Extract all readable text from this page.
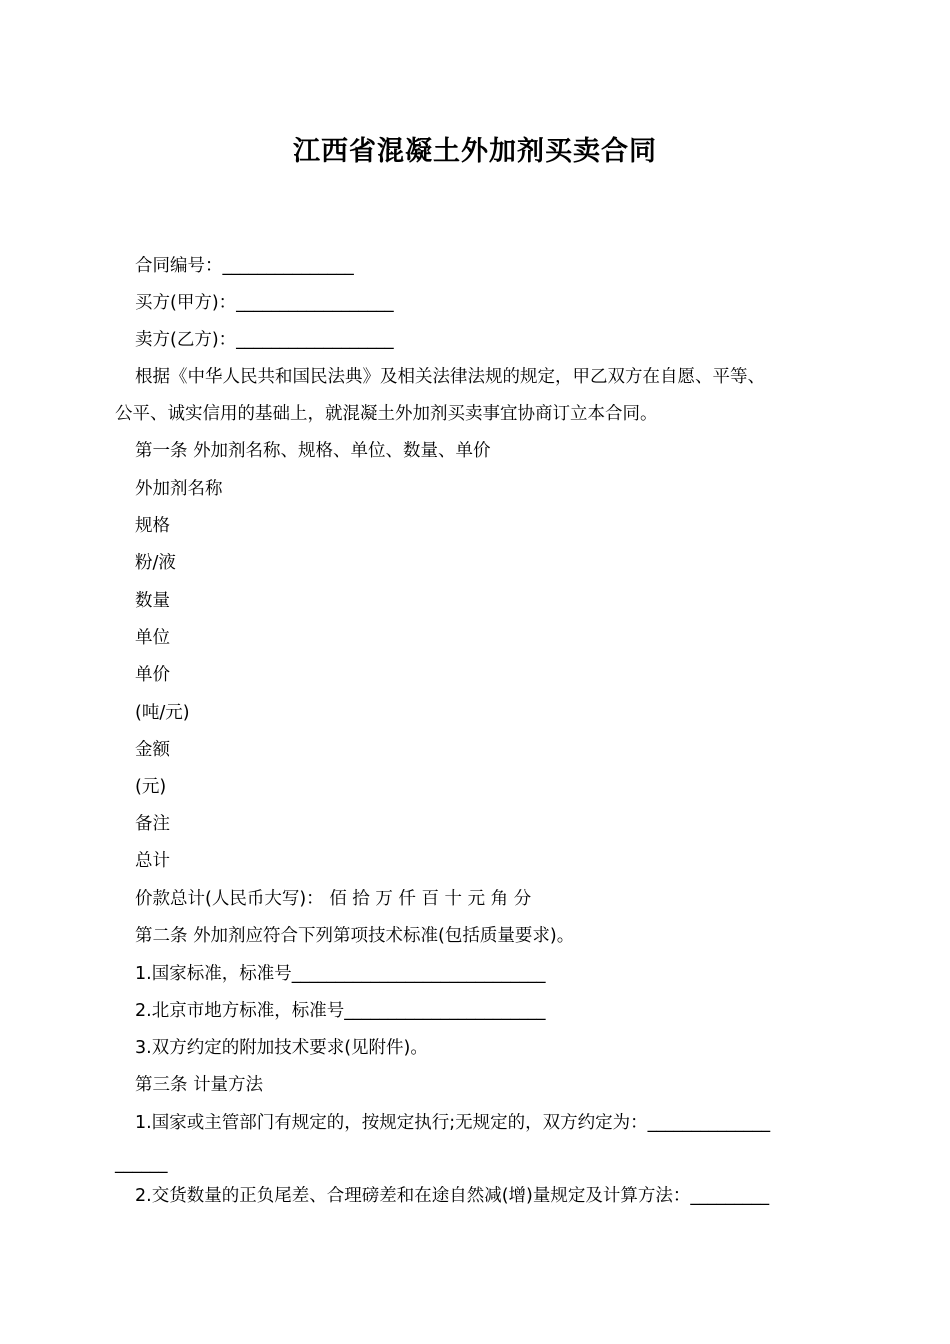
江西省混凝土外加剂买卖合同
合同编号：_______________
买方(甲方)：__________________
卖方(乙方)：__________________
根据《中华人民共和国民法典》及相关法律法规的规定，甲乙双方在自愿、平等、
公平、诚实信用的基础上，就混凝土外加剂买卖事宜协商订立本合同。
第一条 外加剂名称、规格、单位、数量、单价
外加剂名称
规格
粉/液
数量
单位
单价
(吨/元)
金额
(元)
备注
总计
价款总计(人民币大写)： 佰 拾 万 仟 百 十 元 角 分
第二条 外加剂应符合下列第项技术标准(包括质量要求)。
1.国家标准，标准号_____________________________
2.北京市地方标准，标准号_______________________
3.双方约定的附加技术要求(见附件)。
第三条 计量方法
1.国家或主管部门有规定的，按规定执行;无规定的，双方约定为：______________
______
2.交货数量的正负尾差、合理磅差和在途自然减(增)量规定及计算方法：_________
